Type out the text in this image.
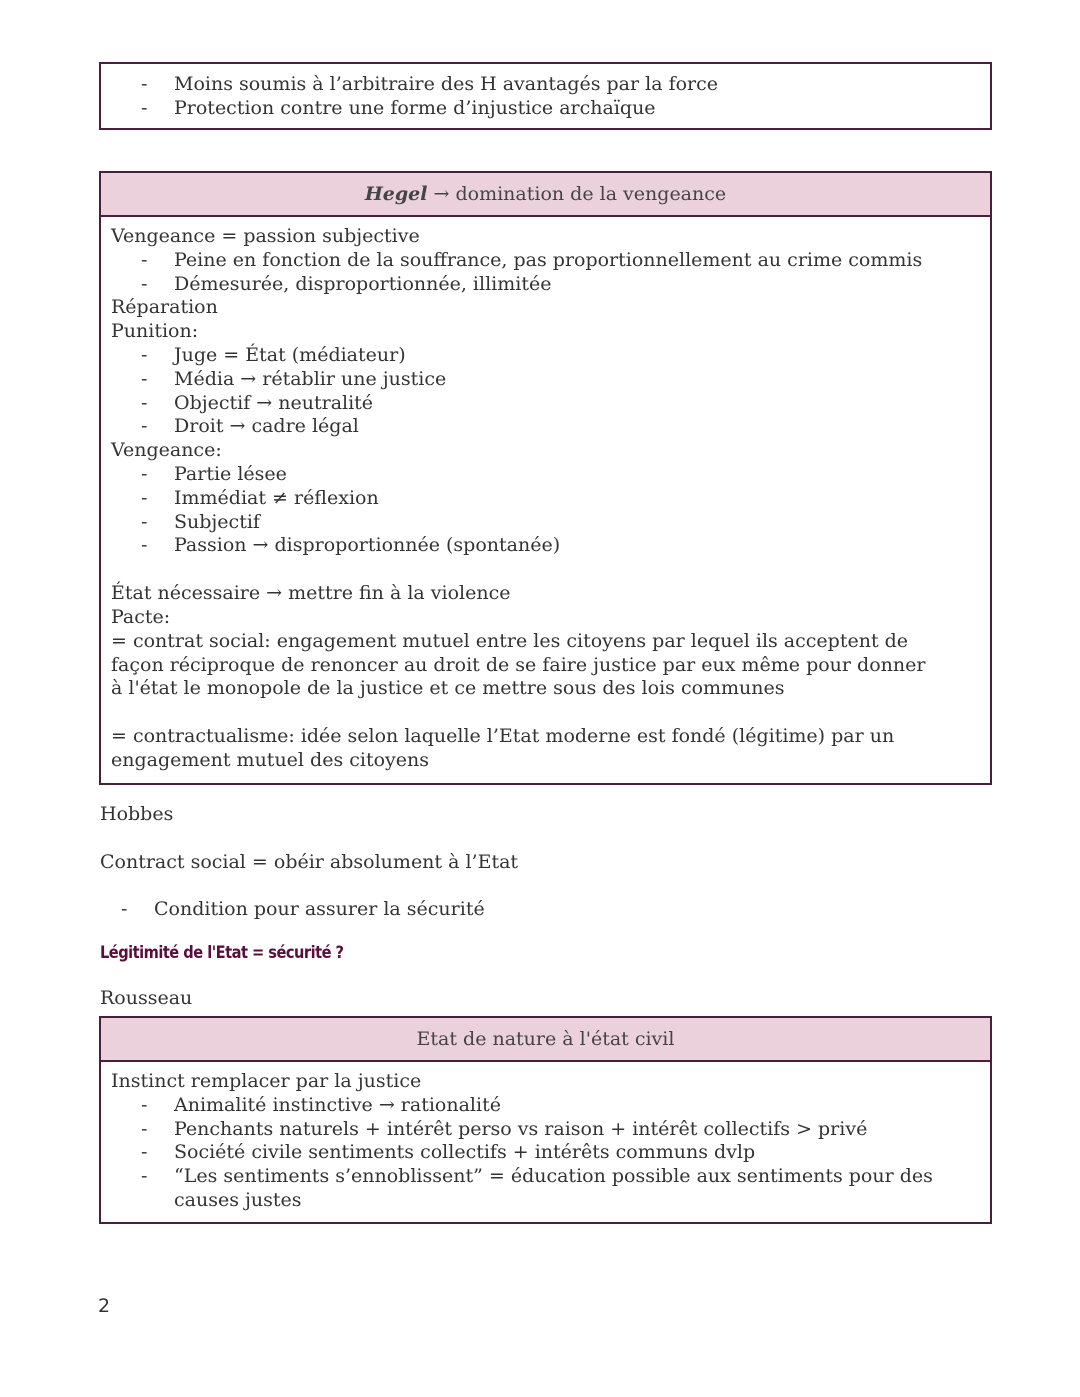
- Moins soumis à l’arbitraire des H avantagés par la force
- Protection contre une forme d’injustice archaïque
Hegel → domination de la vengeance
Vengeance = passion subjective
- Peine en fonction de la souffrance, pas proportionnellement au crime commis
- Démesurée, disproportionnée, illimitée
Réparation
Punition:
- Juge = État (médiateur)
- Média → rétablir une justice
- Objectif → neutralité
- Droit → cadre légal
Vengeance:
- Partie lésee
- Immédiat ≠ réflexion
- Subjectif
- Passion → disproportionnée (spontanée)
État nécessaire → mettre fin à la violence
Pacte:
= contrat social: engagement mutuel entre les citoyens par lequel ils acceptent de façon réciproque de renoncer au droit de se faire justice par eux même pour donner à l'état le monopole de la justice et ce mettre sous des lois communes
= contractualisme: idée selon laquelle l’Etat moderne est fondé (légitime) par un engagement mutuel des citoyens
Hobbes
Contract social = obéir absolument à l’Etat
- Condition pour assurer la sécurité
Légitimité de l'Etat = sécurité ?
Rousseau
Etat de nature à l'état civil
Instinct remplacer par la justice
- Animalité instinctive → rationalité
- Penchants naturels + intérêt perso vs raison + intérêt collectifs > privé
- Société civile sentiments collectifs + intérêts communs dvlp
- “Les sentiments s’ennoblissent” = éducation possible aux sentiments pour des causes justes
2
